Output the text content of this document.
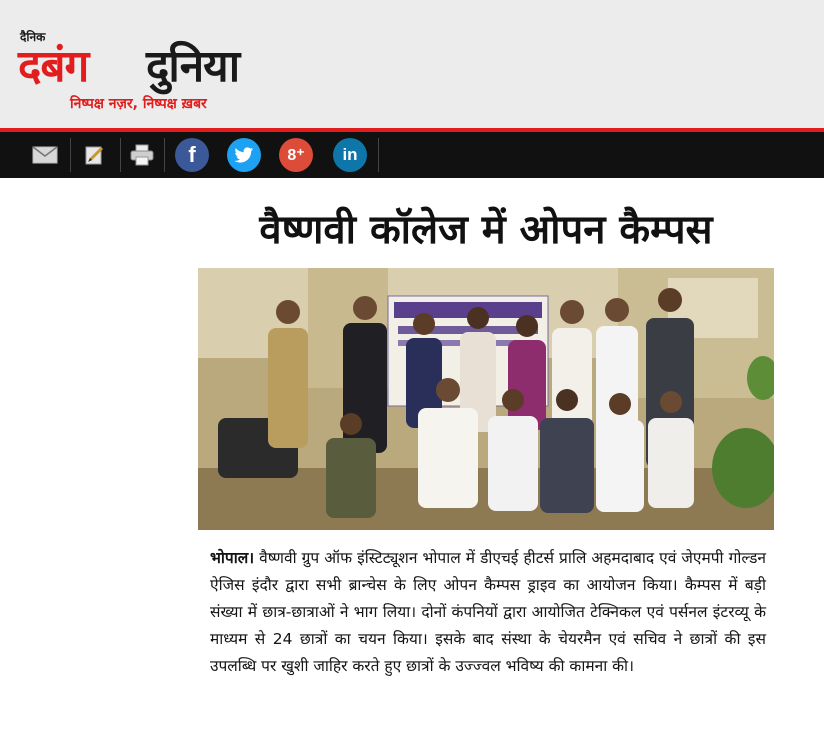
दैनिक
दबंग दुनिया
निष्पक्ष नज़र, निष्पक्ष ख़बर
f	8⁺	in
वैष्णवी कॉलेज में ओपन कैम्पस
भोपाल। वैष्णवी ग्रुप ऑफ इंस्टिट्यूशन भोपाल में डीएचई हीटर्स प्रालि अहमदाबाद एवं जेएमपी गोल्डन ऐजिस इंदौर द्वारा सभी ब्रान्चेस के लिए ओपन कैम्पस ड्राइव का आयोजन किया। कैम्पस में बड़ी संख्या में छात्र-छात्राओं ने भाग लिया। दोनों कंपनियों द्वारा आयोजित टेक्निकल एवं पर्सनल इंटरव्यू के माध्यम से 24 छात्रों का चयन किया। इसके बाद संस्था के चेयरमैन एवं सचिव ने छात्रों की इस उपलब्धि पर खुशी जाहिर करते हुए छात्रों के उज्ज्वल भविष्य की कामना की।
